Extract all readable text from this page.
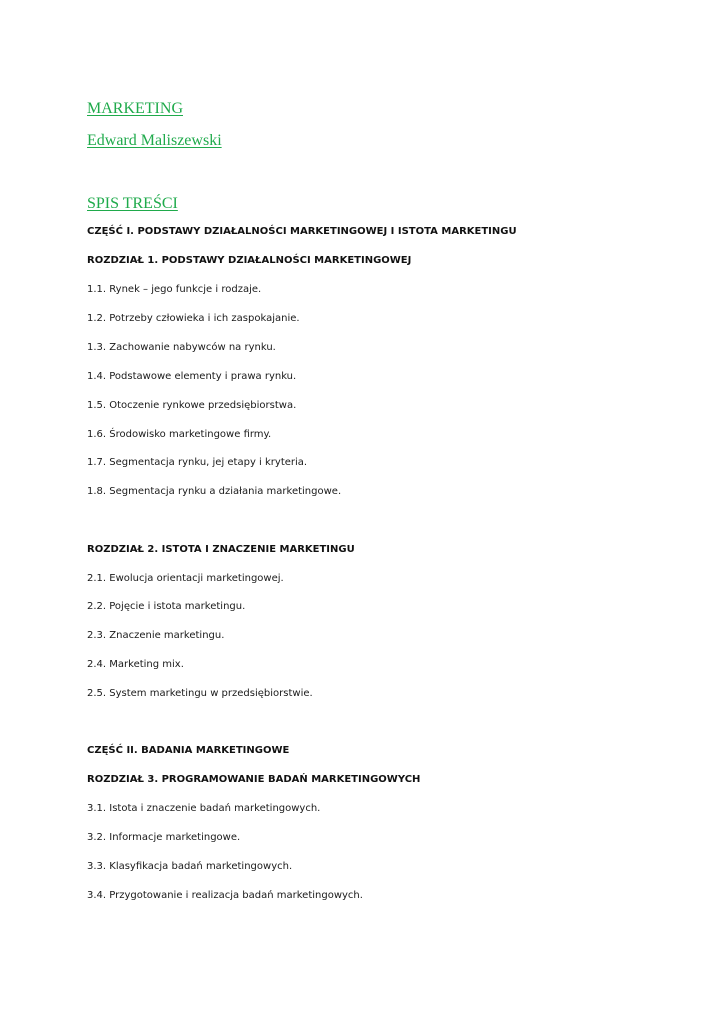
MARKETING
Edward Maliszewski
SPIS TREŚCI
CZĘŚĆ I. PODSTAWY DZIAŁALNOŚCI MARKETINGOWEJ I ISTOTA MARKETINGU
ROZDZIAŁ 1. PODSTAWY DZIAŁALNOŚCI MARKETINGOWEJ
1.1. Rynek – jego funkcje i rodzaje.
1.2. Potrzeby człowieka i ich zaspokajanie.
1.3. Zachowanie nabywców na rynku.
1.4. Podstawowe elementy i prawa rynku.
1.5. Otoczenie rynkowe przedsiębiorstwa.
1.6. Środowisko marketingowe firmy.
1.7. Segmentacja rynku, jej etapy i kryteria.
1.8. Segmentacja rynku a działania marketingowe.
ROZDZIAŁ 2. ISTOTA I ZNACZENIE MARKETINGU
2.1. Ewolucja orientacji marketingowej.
2.2. Pojęcie i istota marketingu.
2.3. Znaczenie marketingu.
2.4. Marketing mix.
2.5. System marketingu w przedsiębiorstwie.
CZĘŚĆ II. BADANIA MARKETINGOWE
ROZDZIAŁ 3. PROGRAMOWANIE BADAŃ MARKETINGOWYCH
3.1. Istota i znaczenie badań marketingowych.
3.2. Informacje marketingowe.
3.3. Klasyfikacja badań marketingowych.
3.4. Przygotowanie i realizacja badań marketingowych.
